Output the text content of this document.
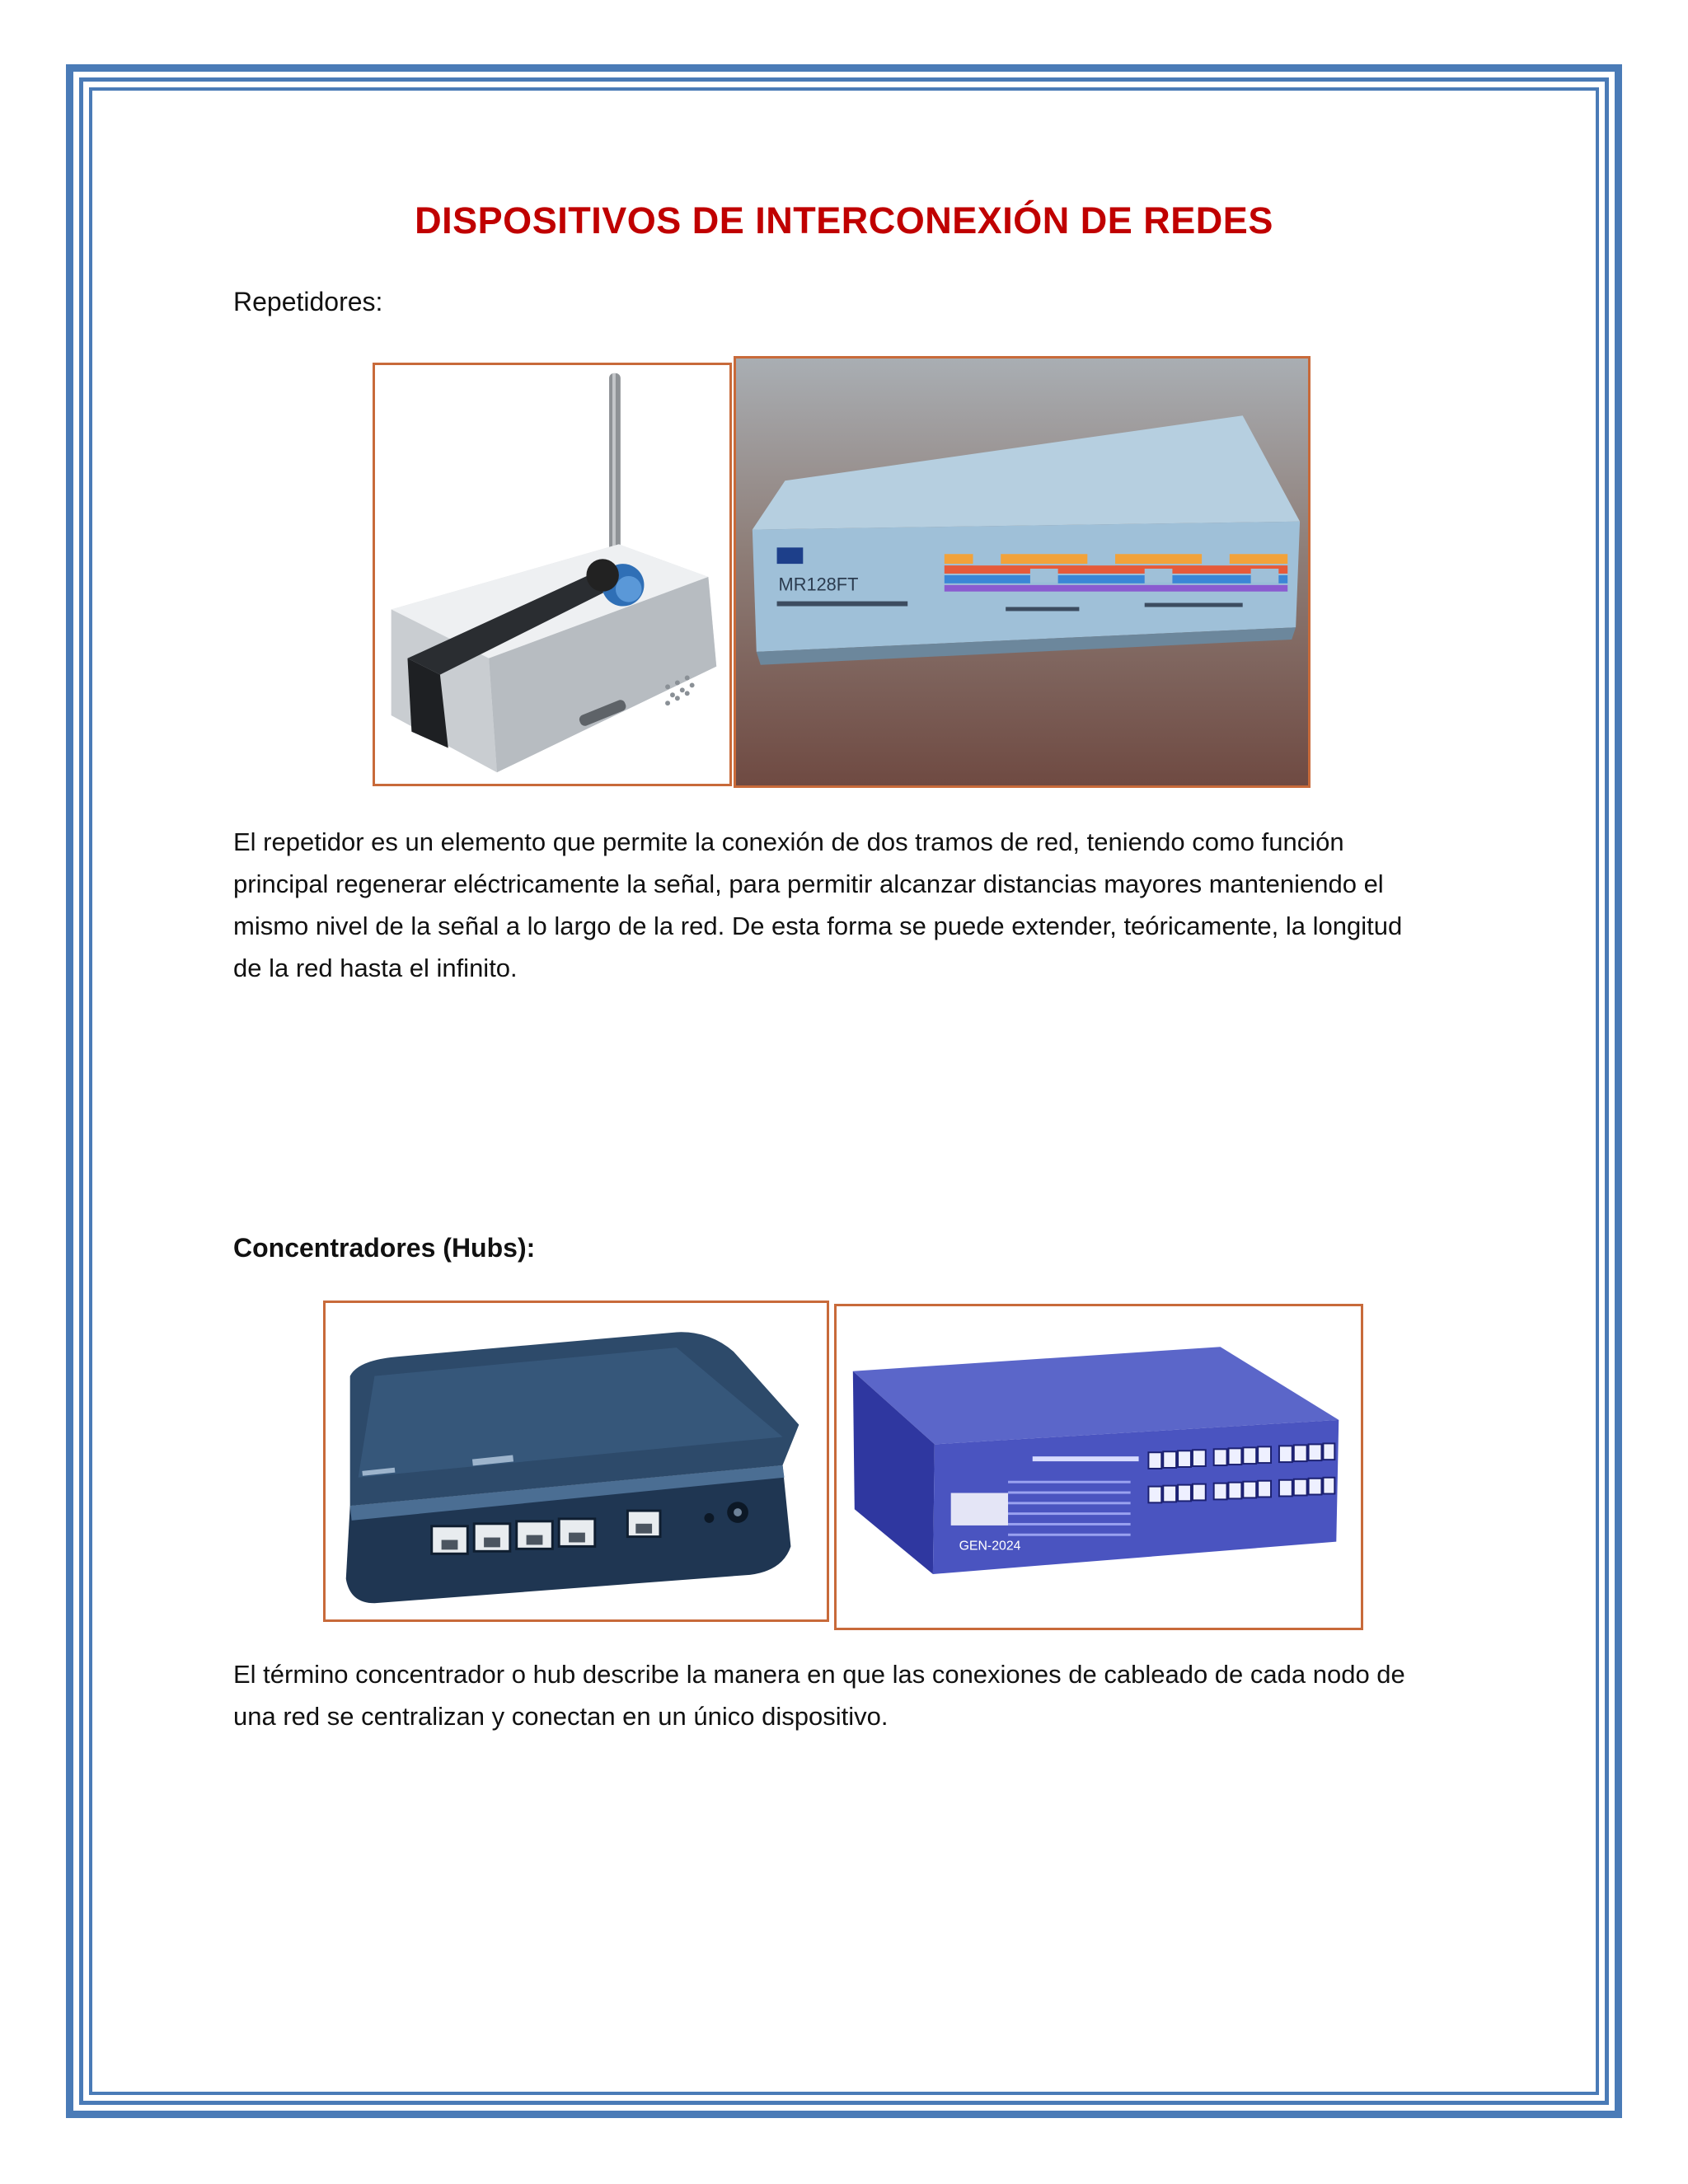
DISPOSITIVOS DE INTERCONEXIÓN DE REDES
Repetidores:
MR128FT
El repetidor es un elemento que permite la conexión de dos tramos de red, teniendo como función principal regenerar eléctricamente la señal, para permitir alcanzar distancias mayores manteniendo el mismo nivel de la señal a lo largo de la red. De esta forma se puede extender, teóricamente, la longitud de la red hasta el infinito.
Concentradores (Hubs):
GEN-2024
El término concentrador o hub describe la manera en que las conexiones de cableado de cada nodo de una red se centralizan y conectan en un único dispositivo.
